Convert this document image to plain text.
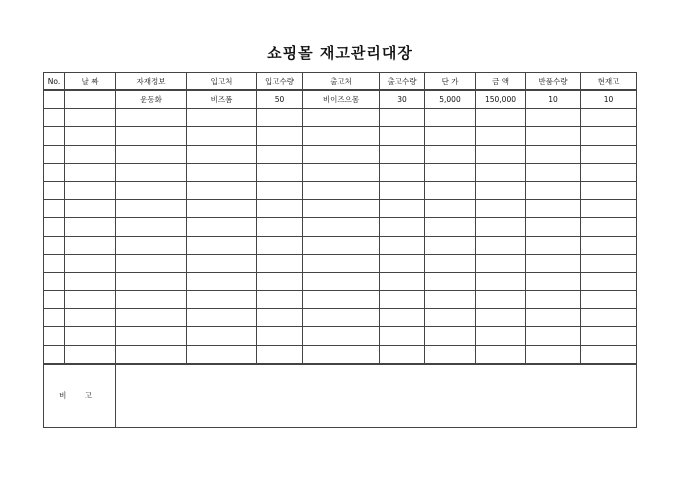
쇼핑몰 재고관리대장
No.	날 짜	자재정보	입고처	입고수량	출고처	출고수량	단 가	금 액	반품수량	현재고
		운동화	비즈폼	50	비이즈으몸	30	5,000	150,000	10	10

비 고										
